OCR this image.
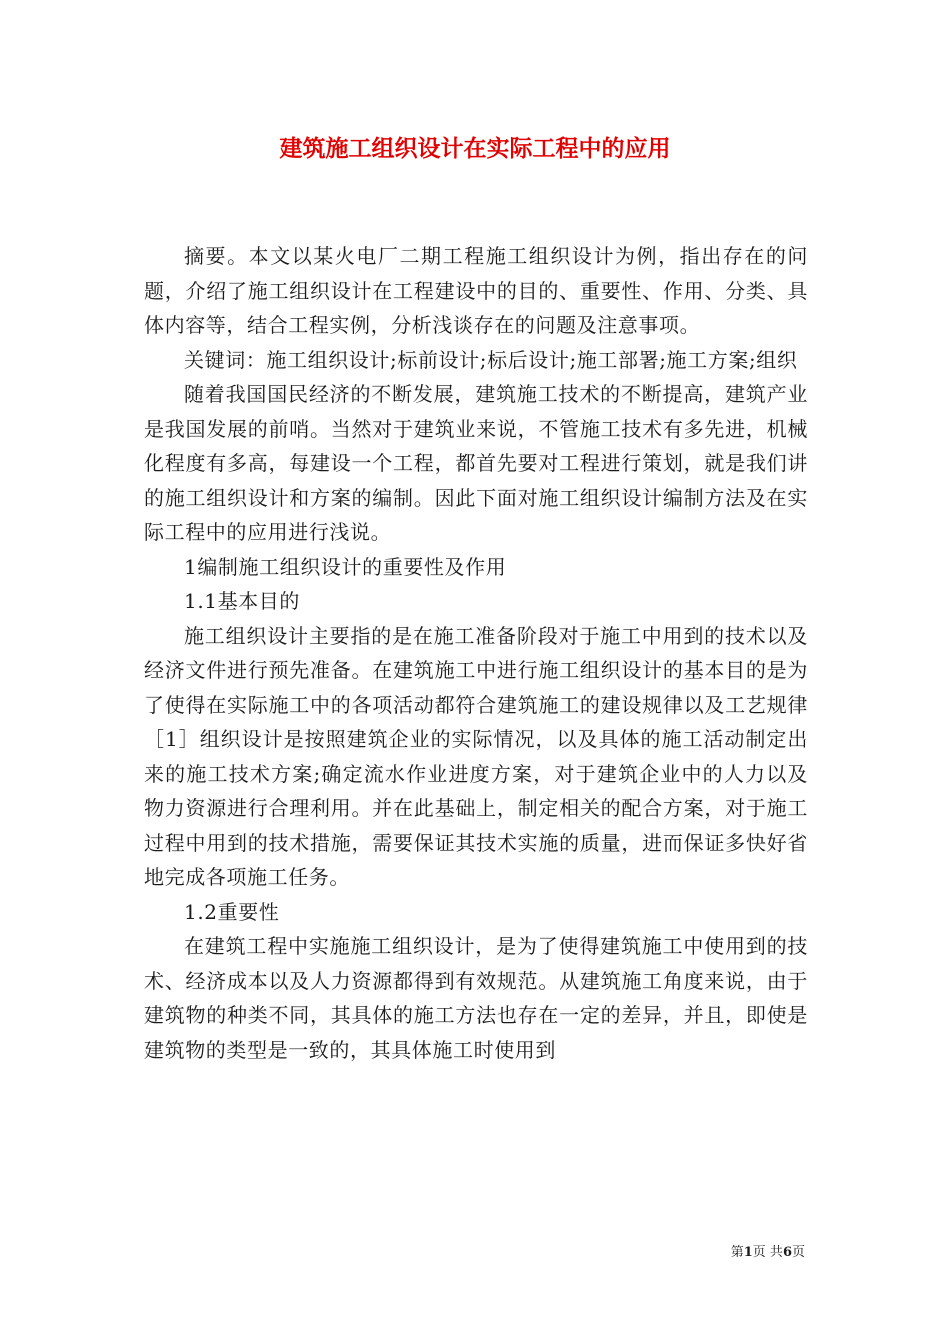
建筑施工组织设计在实际工程中的应用

摘要。本文以某火电厂二期工程施工组织设计为例，指出存在的问题，介绍了施工组织设计在工程建设中的目的、重要性、作用、分类、具体内容等，结合工程实例，分析浅谈存在的问题及注意事项。

关键词：施工组织设计;标前设计;标后设计;施工部署;施工方案;组织

随着我国国民经济的不断发展，建筑施工技术的不断提高，建筑产业是我国发展的前哨。当然对于建筑业来说，不管施工技术有多先进，机械化程度有多高，每建设一个工程，都首先要对工程进行策划，就是我们讲的施工组织设计和方案的编制。因此下面对施工组织设计编制方法及在实际工程中的应用进行浅说。

1编制施工组织设计的重要性及作用

1.1基本目的

施工组织设计主要指的是在施工准备阶段对于施工中用到的技术以及经济文件进行预先准备。在建筑施工中进行施工组织设计的基本目的是为了使得在实际施工中的各项活动都符合建筑施工的建设规律以及工艺规律［1］组织设计是按照建筑企业的实际情况，以及具体的施工活动制定出来的施工技术方案;确定流水作业进度方案，对于建筑企业中的人力以及物力资源进行合理利用。并在此基础上，制定相关的配合方案，对于施工过程中用到的技术措施，需要保证其技术实施的质量，进而保证多快好省地完成各项施工任务。

1.2重要性

在建筑工程中实施施工组织设计，是为了使得建筑施工中使用到的技术、经济成本以及人力资源都得到有效规范。从建筑施工角度来说，由于建筑物的种类不同，其具体的施工方法也存在一定的差异，并且，即使是建筑物的类型是一致的，其具体施工时使用到

第1页 共6页
